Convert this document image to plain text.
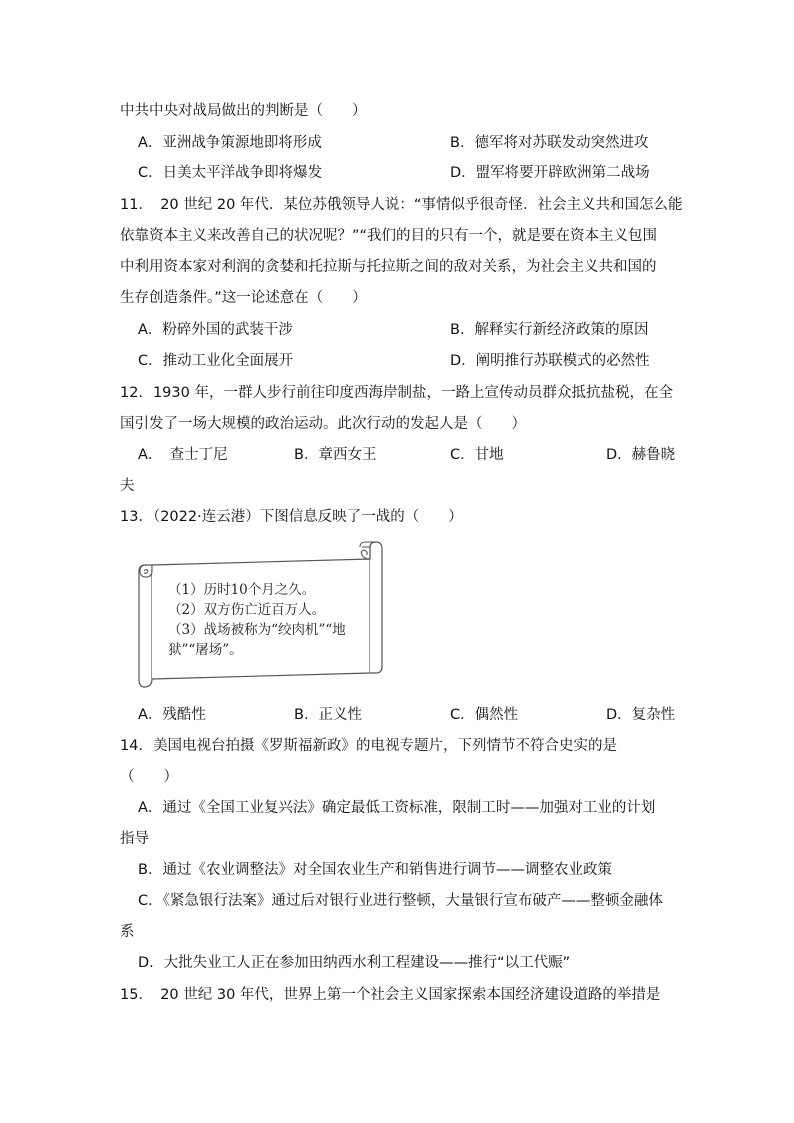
中共中央对战局做出的判断是（　　）
A．亚洲战争策源地即将形成	B．德军将对苏联发动突然进攻
C．日美太平洋战争即将爆发	D．盟军将要开辟欧洲第二战场
11．　20 世纪 20 年代．某位苏俄领导人说：“事情似乎很奇怪．社会主义共和国怎么能
依靠资本主义来改善自己的状况呢？”“我们的目的只有一个，就是要在资本主义包围
中利用资本家对利润的贪婪和托拉斯与托拉斯之间的敌对关系，为社会主义共和国的
生存创造条件。”这一论述意在（　　）
A．粉碎外国的武装干涉	B．解释实行新经济政策的原因
C．推动工业化全面展开	D．阐明推行苏联模式的必然性
12．1930 年，一群人步行前往印度西海岸制盐，一路上宣传动员群众抵抗盐税，在全
国引发了一场大规模的政治运动。此次行动的发起人是（　　）
A．　查士丁尼	B．章西女王	C．甘地	D．赫鲁晓
夫
13．（2022·连云港）下图信息反映了一战的（　　）
（1）历时10个月之久。
（2）双方伤亡近百万人。
（3）战场被称为“绞肉机”“地
狱”“屠场”。
A．残酷性	B．正义性	C．偶然性	D．复杂性
14．美国电视台拍摄《罗斯福新政》的电视专题片，下列情节不符合史实的是
（　　）
A．通过《全国工业复兴法》确定最低工资标准，限制工时——加强对工业的计划
指导
B．通过《农业调整法》对全国农业生产和销售进行调节——调整农业政策
C．《紧急银行法案》通过后对银行业进行整顿，大量银行宣布破产——整顿金融体
系
D．大批失业工人正在参加田纳西水利工程建设——推行“以工代赈”
15．　20 世纪 30 年代，世界上第一个社会主义国家探索本国经济建设道路的举措是
